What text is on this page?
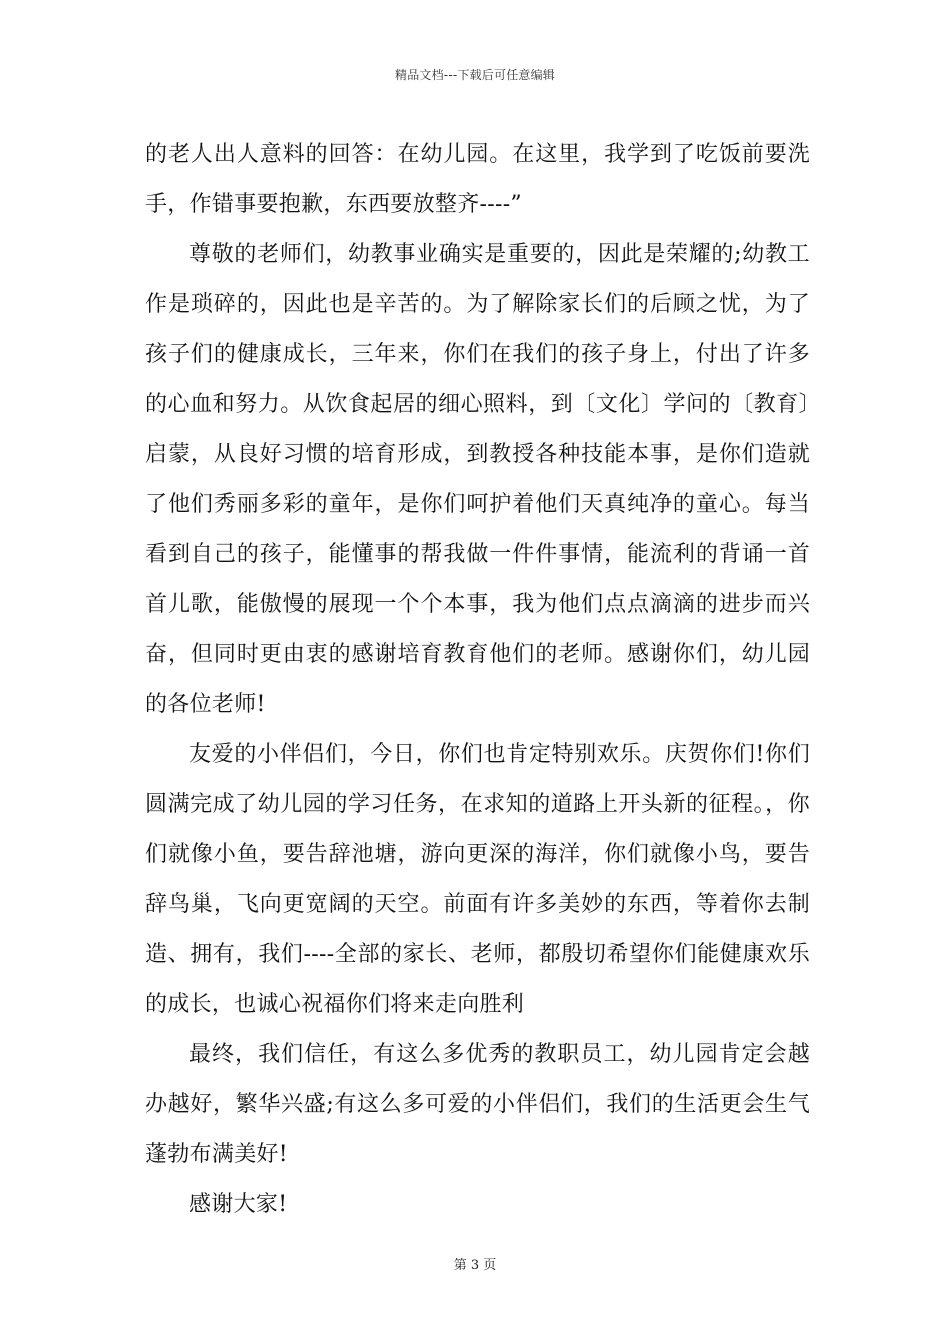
精品文档---下载后可任意编辑

的老人出人意料的回答：在幼儿园。在这里，我学到了吃饭前要洗手，作错事要抱歉，东西要放整齐----”

尊敬的老师们，幼教事业确实是重要的，因此是荣耀的;幼教工作是琐碎的，因此也是辛苦的。为了解除家长们的后顾之忧，为了孩子们的健康成长，三年来，你们在我们的孩子身上，付出了许多的心血和努力。从饮食起居的细心照料，到〔文化〕学问的〔教育〕启蒙，从良好习惯的培育形成，到教授各种技能本事，是你们造就了他们秀丽多彩的童年，是你们呵护着他们天真纯净的童心。每当看到自己的孩子，能懂事的帮我做一件件事情，能流利的背诵一首首儿歌，能傲慢的展现一个个本事，我为他们点点滴滴的进步而兴奋，但同时更由衷的感谢培育教育他们的老师。感谢你们，幼儿园的各位老师!

友爱的小伴侣们，今日，你们也肯定特别欢乐。庆贺你们!你们圆满完成了幼儿园的学习任务，在求知的道路上开头新的征程。，你们就像小鱼，要告辞池塘，游向更深的海洋，你们就像小鸟，要告辞鸟巢，飞向更宽阔的天空。前面有许多美妙的东西，等着你去制造、拥有，我们----全部的家长、老师，都殷切希望你们能健康欢乐的成长，也诚心祝福你们将来走向胜利

最终，我们信任，有这么多优秀的教职员工，幼儿园肯定会越办越好，繁华兴盛;有这么多可爱的小伴侣们，我们的生活更会生气蓬勃布满美好!

感谢大家!

第 3 页
